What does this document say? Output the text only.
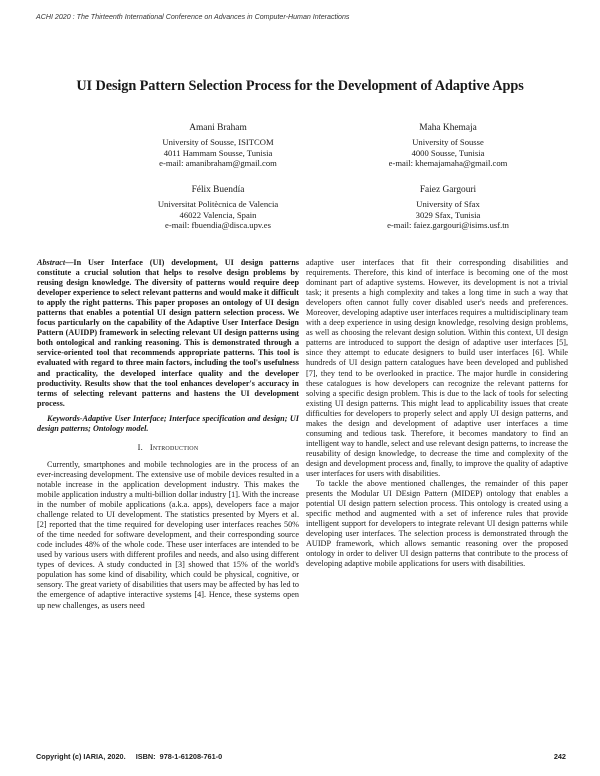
ACHI 2020 : The Thirteenth International Conference on Advances in Computer-Human Interactions
UI Design Pattern Selection Process for the Development of Adaptive Apps
Amani Braham
University of Sousse, ISITCOM
4011 Hammam Sousse, Tunisia
e-mail: amanibraham@gmail.com
Maha Khemaja
University of Sousse
4000 Sousse, Tunisia
e-mail: khemajamaha@gmail.com
Félix Buendía
Universitat Politècnica de Valencia
46022 Valencia, Spain
e-mail: fbuendia@disca.upv.es
Faiez Gargouri
University of Sfax
3029 Sfax, Tunisia
e-mail: faiez.gargouri@isims.usf.tn

Abstract—In User Interface (UI) development, UI design patterns constitute a crucial solution that helps to resolve design problems by reusing design knowledge. The diversity of patterns would require deep developer experience to select relevant patterns and would make it difficult to apply the right patterns. This paper proposes an ontology of UI design patterns that enables a potential UI design pattern selection process. We focus particularly on the capability of the Adaptive User Interface Design Pattern (AUIDP) framework in selecting relevant UI design patterns using both ontological and ranking reasoning. This is demonstrated through a service-oriented tool that recommends appropriate patterns. This tool is evaluated with regard to three main factors, including the tool's usefulness and practicality, the developed interface quality and the developer productivity. Results show that the tool enhances developer's accuracy in terms of selecting relevant patterns and hastens the UI development process.

Keywords-Adaptive User Interface; Interface specification and design; UI design patterns; Ontology model.

I. Introduction

Currently, smartphones and mobile technologies are in the process of an ever-increasing development. The extensive use of mobile devices resulted in a notable increase in the application development industry. This makes the mobile application industry a multi-billion dollar industry [1]. With the increase in the number of mobile applications (a.k.a. apps), developers face a major challenge related to UI development. The statistics presented by Myers et al. [2] reported that the time required for developing user interfaces reaches 50% of the time needed for software development, and their corresponding source code includes 48% of the whole code. These user interfaces are intended to be used by various users with different profiles and needs, and also using different types of devices. A study conducted in [3] showed that 15% of the world's population has some kind of disability, which could be physical, cognitive, or sensory. The great variety of disabilities that users may be affected by has led to the emergence of adaptive interactive systems [4]. Hence, these systems open up new challenges, as users need

adaptive user interfaces that fit their corresponding disabilities and requirements. Therefore, this kind of interface is becoming one of the most dominant part of adaptive systems. However, its development is not a trivial task; it presents a high complexity and takes a long time in such a way that developers often cannot fully cover disabled user's needs and preferences. Moreover, developing adaptive user interfaces requires a multidisciplinary team with a deep experience in using design knowledge, resolving design problems, as well as choosing the relevant design solution. Within this context, UI design patterns are introduced to support the design of adaptive user interfaces [5], since they attempt to educate designers to build user interfaces [6]. While hundreds of UI design pattern catalogues have been developed and published [7], they tend to be overlooked in practice. The major hurdle in considering these catalogues is how developers can recognize the relevant patterns for solving a specific design problem. This is due to the lack of tools for selecting existing UI design patterns. This might lead to applicability issues that create difficulties for developers to properly select and apply UI design patterns, and makes the design and development of adaptive user interfaces a time consuming and tedious task. Therefore, it becomes mandatory to find an intelligent way to handle, select and use relevant design patterns, to increase the reusability of design knowledge, to decrease the time and complexity of the design and development process and, finally, to improve the quality of adaptive user interfaces for users with disabilities.

To tackle the above mentioned challenges, the remainder of this paper presents the Modular UI DEsign Pattern (MIDEP) ontology that enables a potential UI design pattern selection process. This ontology is created using a specific method and augmented with a set of inference rules that provide intelligent support for developers to integrate relevant UI design patterns while developing user interfaces. The selection process is demonstrated through the AUIDP framework, which allows semantic reasoning over the proposed ontology in order to deliver UI design patterns that contribute to the process of developing adaptive mobile applications for users with disabilities.

Copyright (c) IARIA, 2020.     ISBN:  978-1-61208-761-0	242
